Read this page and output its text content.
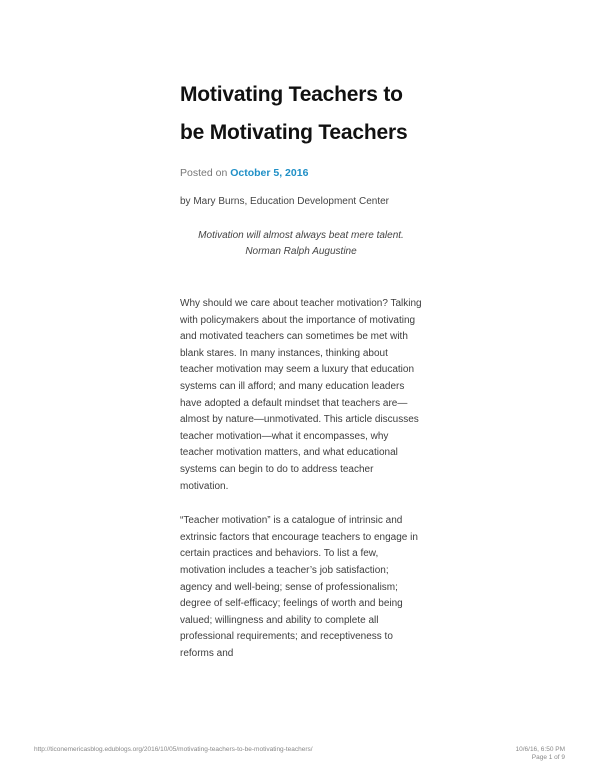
Motivating Teachers to be Motivating Teachers
Posted on October 5, 2016
by Mary Burns, Education Development Center
Motivation will almost always beat mere talent.
Norman Ralph Augustine

Why should we care about teacher motivation? Talking with policymakers about the importance of motivating and motivated teachers can sometimes be met with blank stares. In many instances, thinking about teacher motivation may seem a luxury that education systems can ill afford; and many education leaders have adopted a default mindset that teachers are—almost by nature—unmotivated. This article discusses teacher motivation—what it encompasses, why teacher motivation matters, and what educational systems can begin to do to address teacher motivation.

“Teacher motivation” is a catalogue of intrinsic and extrinsic factors that encourage teachers to engage in certain practices and behaviors. To list a few, motivation includes a teacher’s job satisfaction; agency and well-being; sense of professionalism; degree of self-efficacy; feelings of worth and being valued; willingness and ability to complete all professional requirements; and receptiveness to reforms and

http://ticonemericasblog.edublogs.org/2016/10/05/motivating-teachers-to-be-motivating-teachers/	10/6/16, 6:50 PM
Page 1 of 9
